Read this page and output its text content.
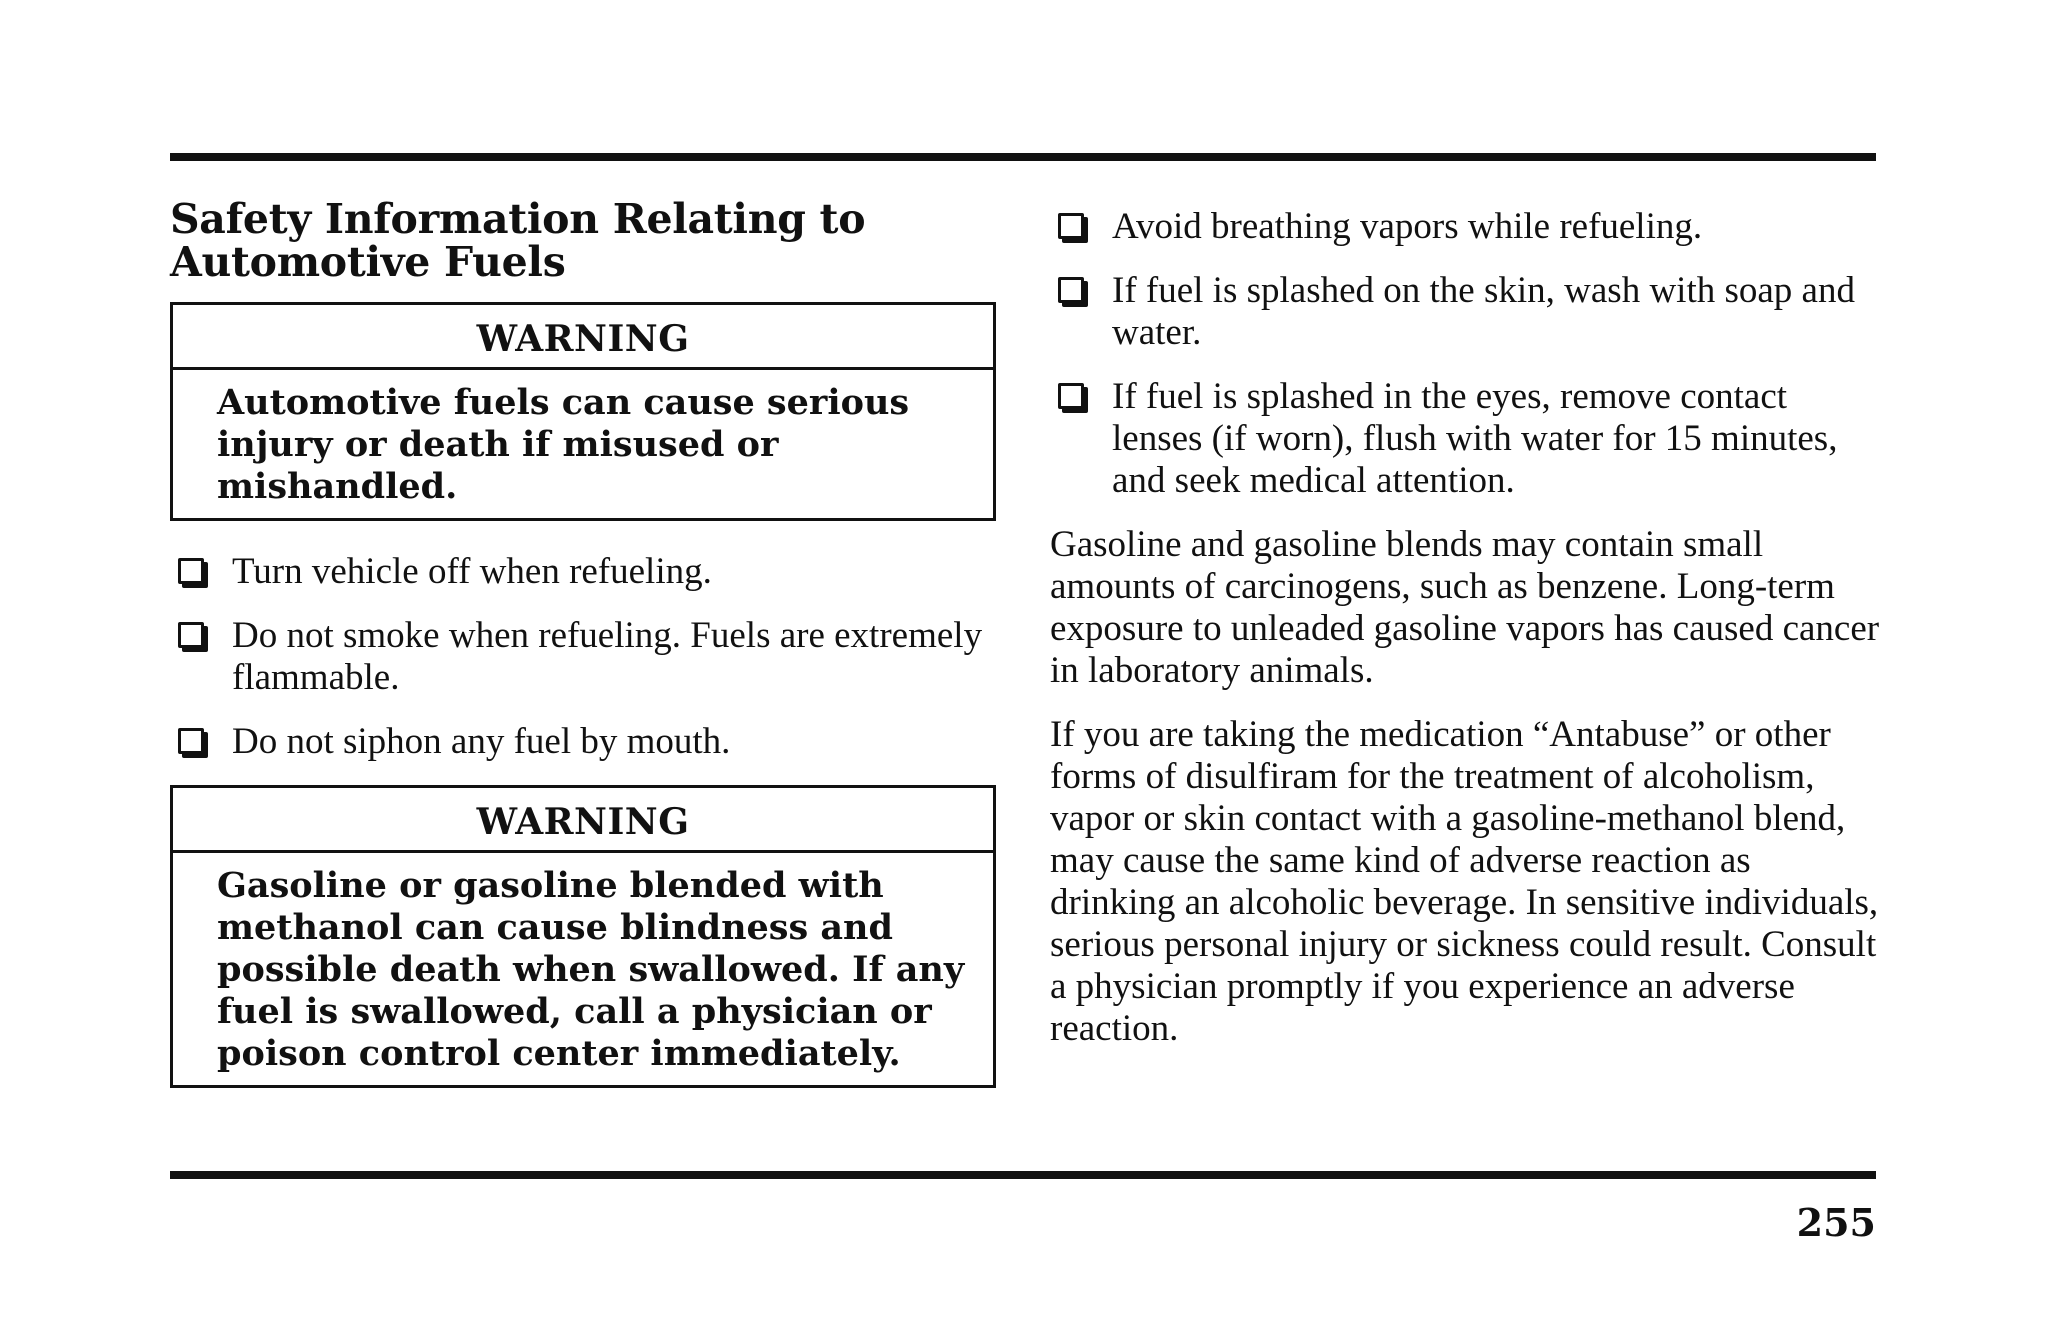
Safety Information Relating to
Automotive Fuels
WARNING
Automotive fuels can cause serious injury or death if misused or mishandled.
Turn vehicle off when refueling.
Do not smoke when refueling. Fuels are extremely flammable.
Do not siphon any fuel by mouth.
WARNING
Gasoline or gasoline blended with methanol can cause blindness and possible death when swallowed. If any fuel is swallowed, call a physician or poison control center immediately.
Avoid breathing vapors while refueling.
If fuel is splashed on the skin, wash with soap and water.
If fuel is splashed in the eyes, remove contact lenses (if worn), flush with water for 15 minutes, and seek medical attention.

Gasoline and gasoline blends may contain small amounts of carcinogens, such as benzene. Long-term exposure to unleaded gasoline vapors has caused cancer in laboratory animals.

If you are taking the medication “Antabuse” or other forms of disulfiram for the treatment of alcoholism, vapor or skin contact with a gasoline-methanol blend, may cause the same kind of adverse reaction as drinking an alcoholic beverage. In sensitive individuals, serious personal injury or sickness could result. Consult a physician promptly if you experience an adverse reaction.

255
